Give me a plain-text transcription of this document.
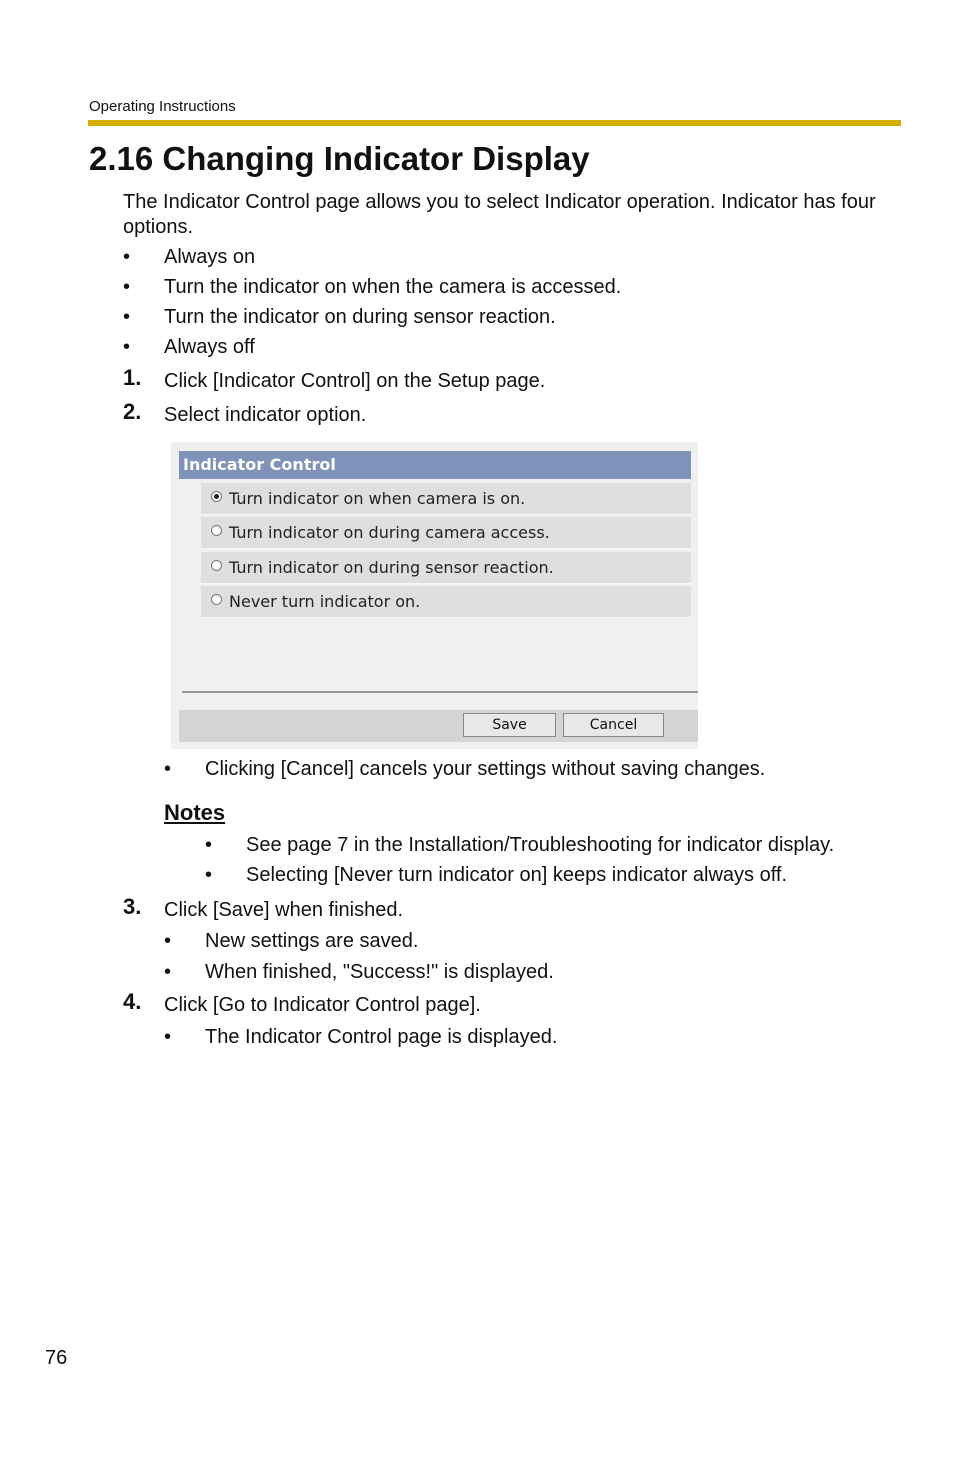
Operating Instructions
2.16 Changing Indicator Display
The Indicator Control page allows you to select Indicator operation. Indicator has four options.
• Always on
• Turn the indicator on when the camera is accessed.
• Turn the indicator on during sensor reaction.
• Always off
1. Click [Indicator Control] on the Setup page.
2. Select indicator option.
Indicator Control
Turn indicator on when camera is on.
Turn indicator on during camera access.
Turn indicator on during sensor reaction.
Never turn indicator on.
Save	Cancel
• Clicking [Cancel] cancels your settings without saving changes.
Notes
• See page 7 in the Installation/Troubleshooting for indicator display.
• Selecting [Never turn indicator on] keeps indicator always off.
3. Click [Save] when finished.
• New settings are saved.
• When finished, "Success!" is displayed.
4. Click [Go to Indicator Control page].
• The Indicator Control page is displayed.
76
